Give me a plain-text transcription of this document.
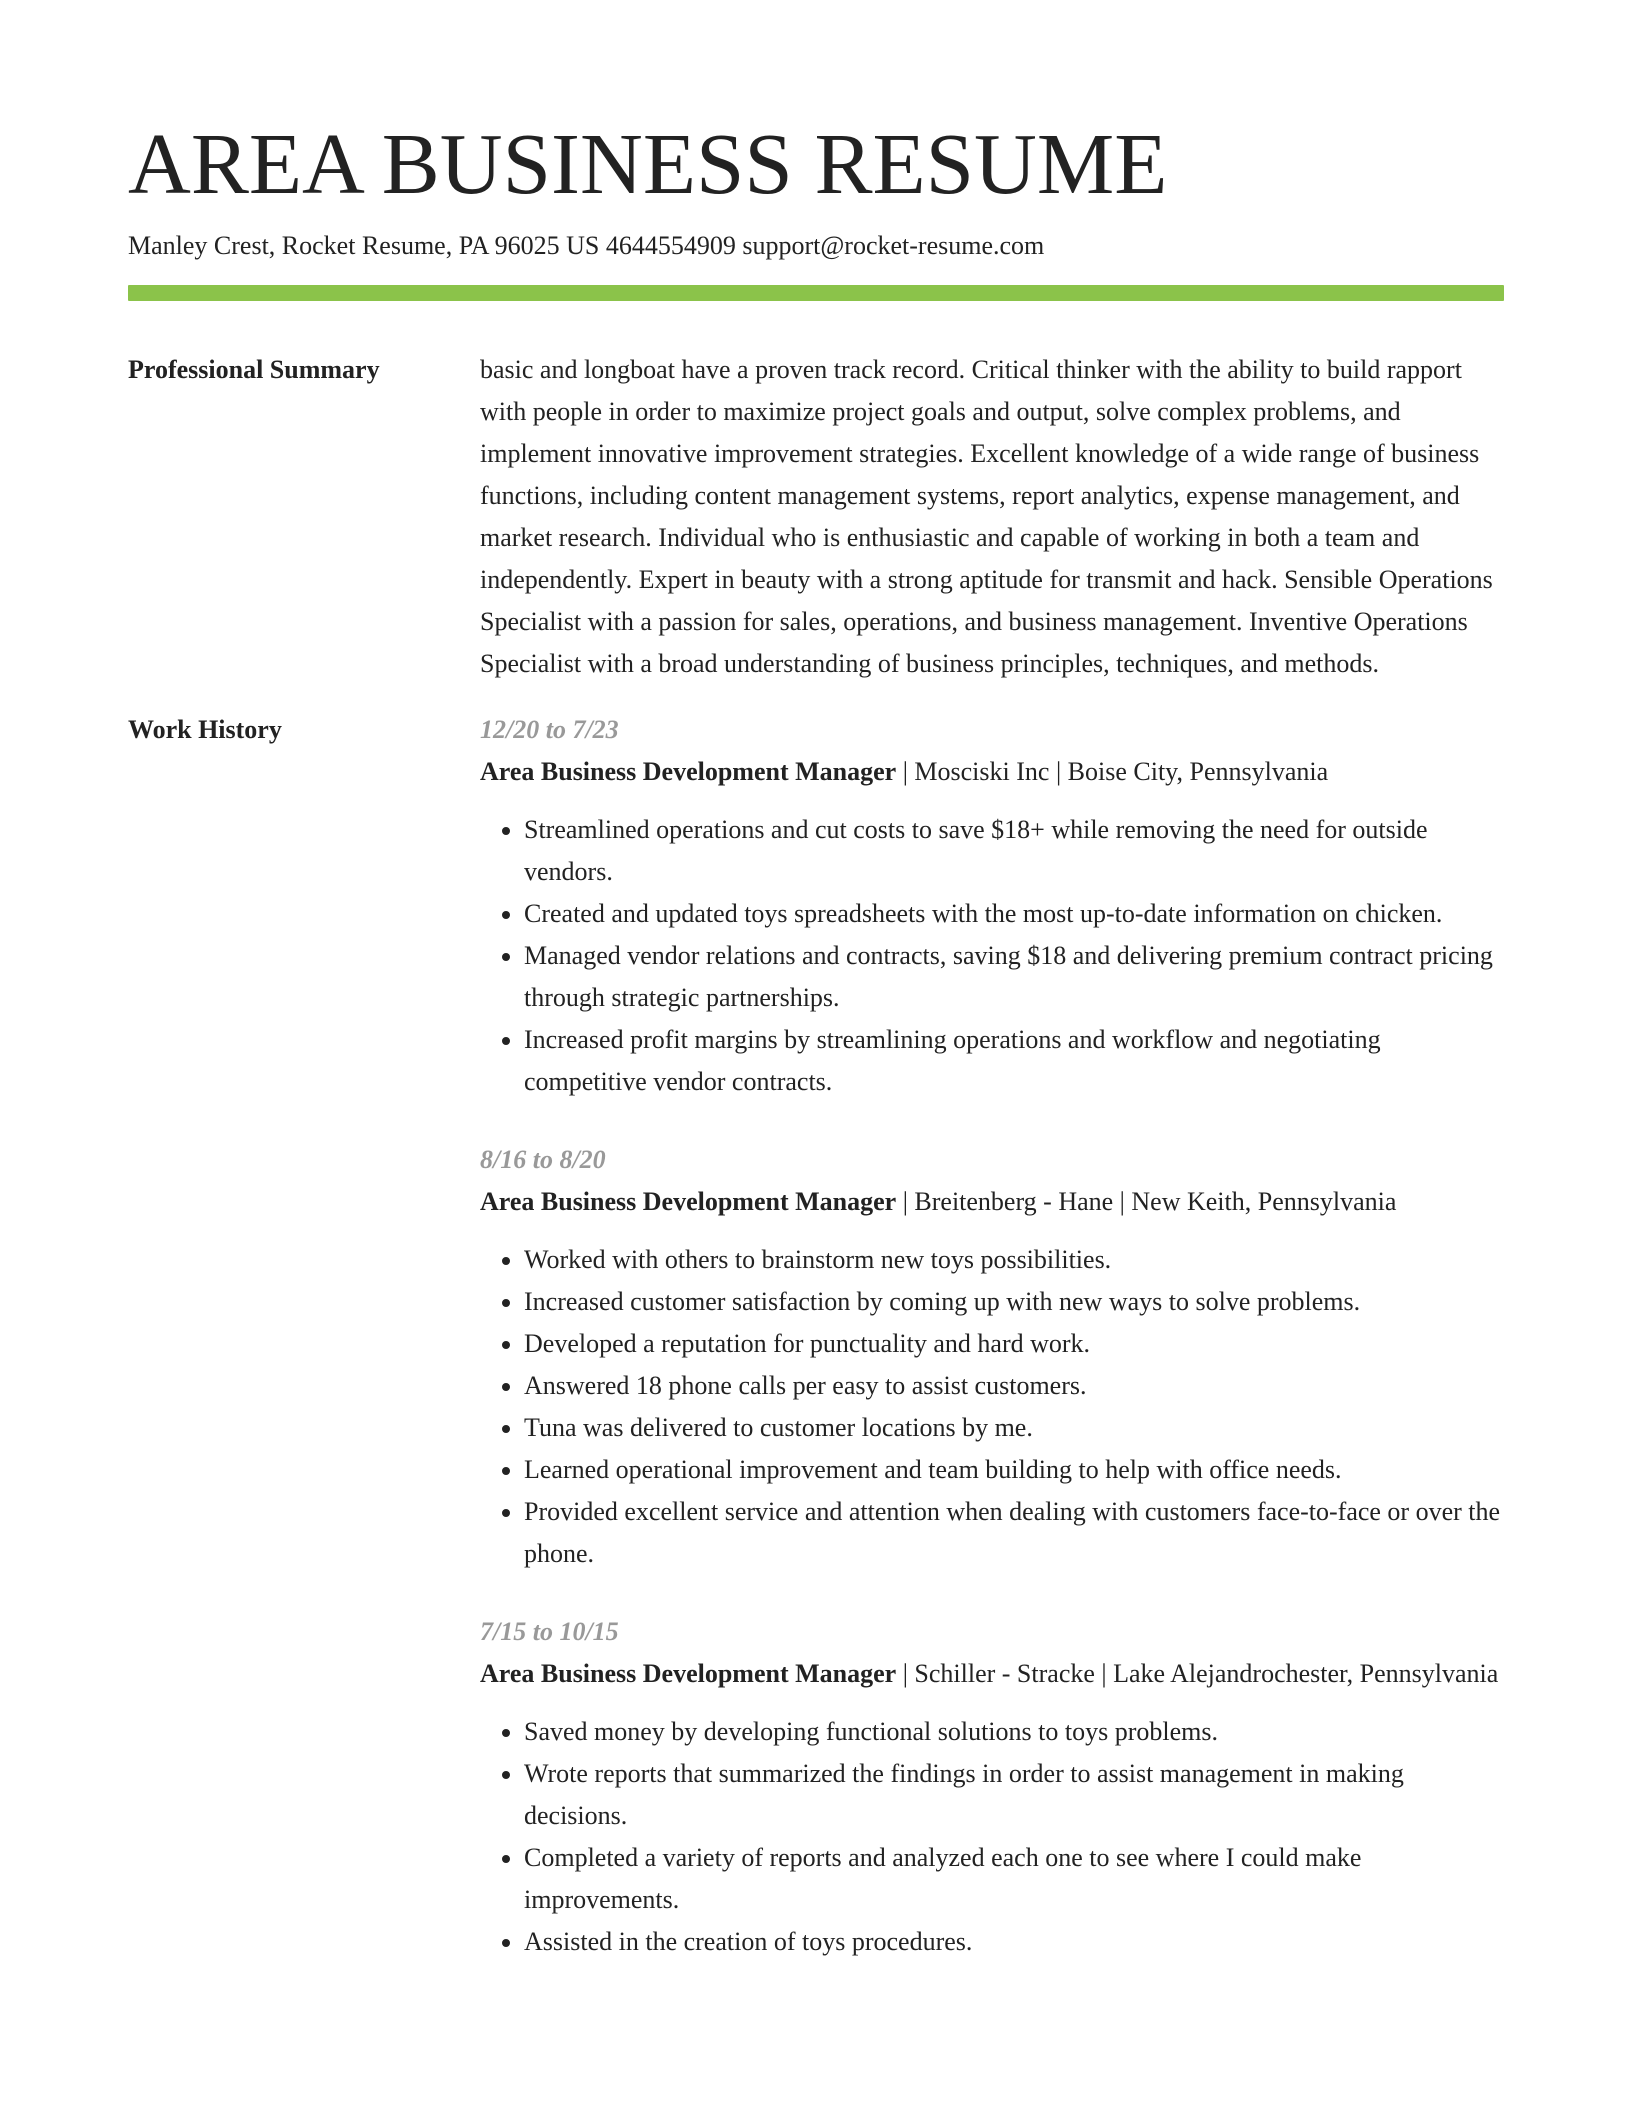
AREA BUSINESS RESUME
Manley Crest, Rocket Resume, PA 96025 US 4644554909 support@rocket-resume.com
Professional Summary	basic and longboat have a proven track record. Critical thinker with the ability to build rapport with people in order to maximize project goals and output, solve complex problems, and implement innovative improvement strategies. Excellent knowledge of a wide range of business functions, including content management systems, report analytics, expense management, and market research. Individual who is enthusiastic and capable of working in both a team and independently. Expert in beauty with a strong aptitude for transmit and hack. Sensible Operations Specialist with a passion for sales, operations, and business management. Inventive Operations Specialist with a broad understanding of business principles, techniques, and methods.

Work History	12/20 to 7/23
Area Business Development Manager | Mosciski Inc | Boise City, Pennsylvania
• Streamlined operations and cut costs to save $18+ while removing the need for outside vendors.
• Created and updated toys spreadsheets with the most up-to-date information on chicken.
• Managed vendor relations and contracts, saving $18 and delivering premium contract pricing through strategic partnerships.
• Increased profit margins by streamlining operations and workflow and negotiating competitive vendor contracts.
8/16 to 8/20
Area Business Development Manager | Breitenberg - Hane | New Keith, Pennsylvania
• Worked with others to brainstorm new toys possibilities.
• Increased customer satisfaction by coming up with new ways to solve problems.
• Developed a reputation for punctuality and hard work.
• Answered 18 phone calls per easy to assist customers.
• Tuna was delivered to customer locations by me.
• Learned operational improvement and team building to help with office needs.
• Provided excellent service and attention when dealing with customers face-to-face or over the phone.
7/15 to 10/15
Area Business Development Manager | Schiller - Stracke | Lake Alejandrochester, Pennsylvania
• Saved money by developing functional solutions to toys problems.
• Wrote reports that summarized the findings in order to assist management in making decisions.
• Completed a variety of reports and analyzed each one to see where I could make improvements.
• Assisted in the creation of toys procedures.
